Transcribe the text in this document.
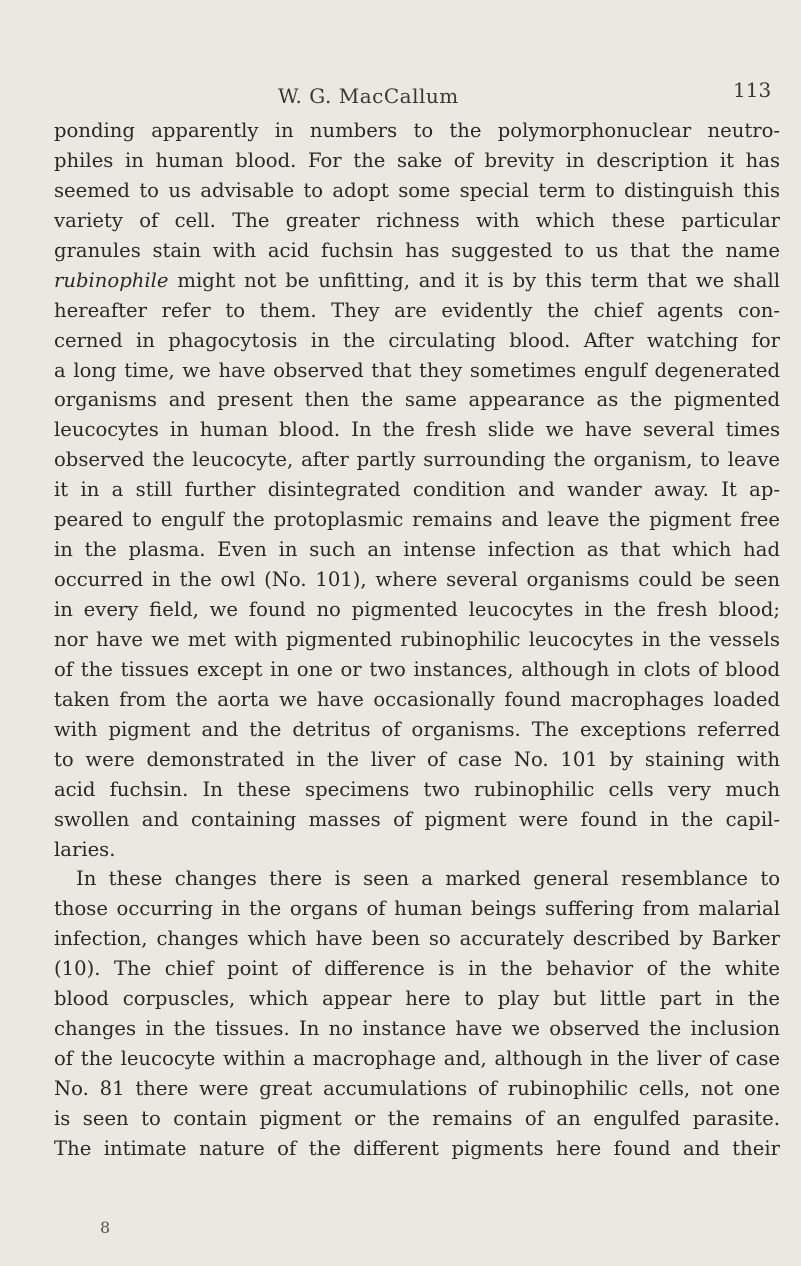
W. G. MacCallum	113
ponding apparently in numbers to the polymorphonuclear neutro-
philes in human blood. For the sake of brevity in description it has
seemed to us advisable to adopt some special term to distinguish this
variety of cell. The greater richness with which these particular
granules stain with acid fuchsin has suggested to us that the name
rubinophile might not be unfitting, and it is by this term that we shall
hereafter refer to them. They are evidently the chief agents con-
cerned in phagocytosis in the circulating blood. After watching for
a long time, we have observed that they sometimes engulf degenerated
organisms and present then the same appearance as the pigmented
leucocytes in human blood. In the fresh slide we have several times
observed the leucocyte, after partly surrounding the organism, to leave
it in a still further disintegrated condition and wander away. It ap-
peared to engulf the protoplasmic remains and leave the pigment free
in the plasma. Even in such an intense infection as that which had
occurred in the owl (No. 101), where several organisms could be seen
in every field, we found no pigmented leucocytes in the fresh blood;
nor have we met with pigmented rubinophilic leucocytes in the vessels
of the tissues except in one or two instances, although in clots of blood
taken from the aorta we have occasionally found macrophages loaded
with pigment and the detritus of organisms. The exceptions referred
to were demonstrated in the liver of case No. 101 by staining with
acid fuchsin. In these specimens two rubinophilic cells very much
swollen and containing masses of pigment were found in the capil-
laries.
In these changes there is seen a marked general resemblance to
those occurring in the organs of human beings suffering from malarial
infection, changes which have been so accurately described by Barker
(10). The chief point of difference is in the behavior of the white
blood corpuscles, which appear here to play but little part in the
changes in the tissues. In no instance have we observed the inclusion
of the leucocyte within a macrophage and, although in the liver of case
No. 81 there were great accumulations of rubinophilic cells, not one
is seen to contain pigment or the remains of an engulfed parasite.
The intimate nature of the different pigments here found and their
8
